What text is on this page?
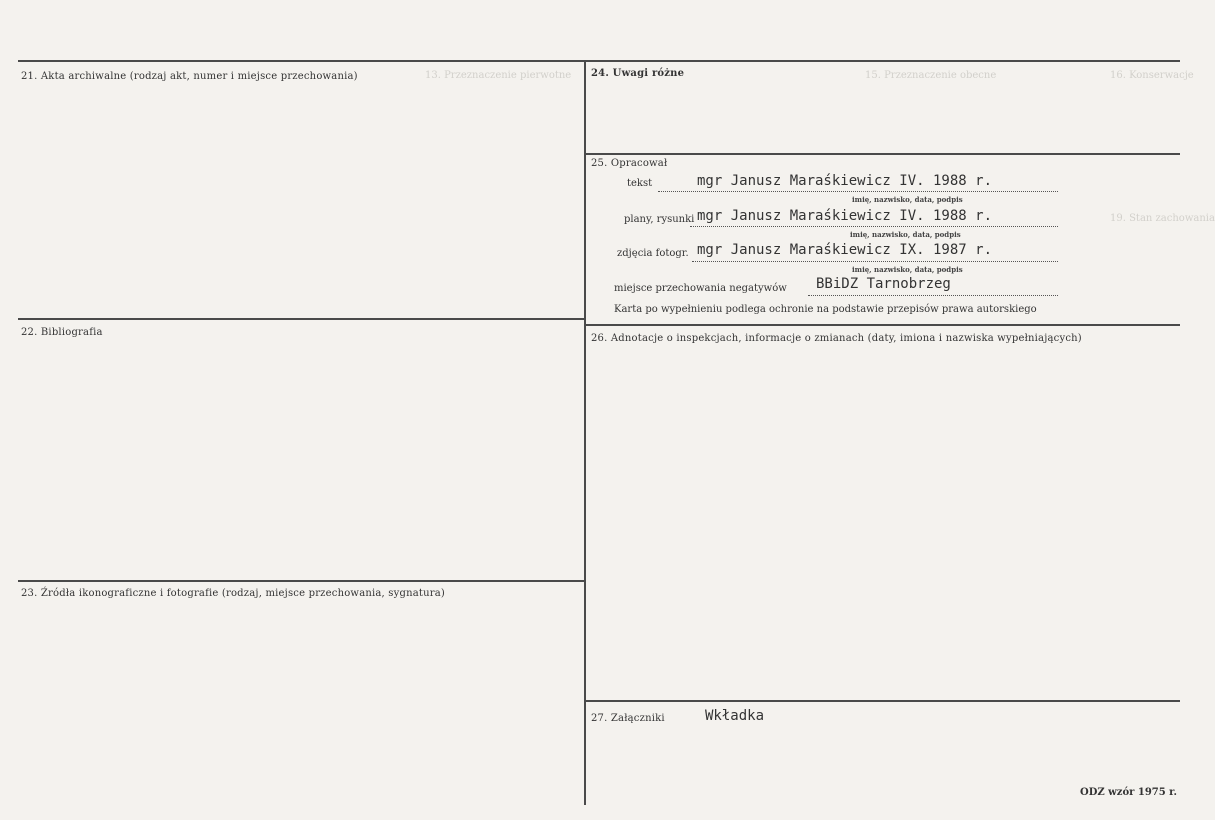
13. Przeznaczenie pierwotne	15. Przeznaczenie obecne	16. Konserwacje
19. Stan zachowania
21. Akta archiwalne (rodzaj akt, numer i miejsce przechowania)
22. Bibliografia
23. Źródła ikonograficzne i fotografie (rodzaj, miejsce przechowania, sygnatura)
24. Uwagi różne
25. Opracował
tekst	mgr Janusz Maraśkiewicz IV. 1988 r.
imię, nazwisko, data, podpis
plany, rysunki mgr Janusz Maraśkiewicz IV. 1988 r.
imię, nazwisko, data, podpis
zdjęcia fotogr. mgr Janusz Maraśkiewicz IX. 1987 r.
imię, nazwisko, data, podpis
miejsce przechowania negatywów BBiDZ Tarnobrzeg
Karta po wypełnieniu podlega ochronie na podstawie przepisów prawa autorskiego
26. Adnotacje o inspekcjach, informacje o zmianach (daty, imiona i nazwiska wypełniających)
27. Załączniki	Wkładka
ODZ wzór 1975 r.
